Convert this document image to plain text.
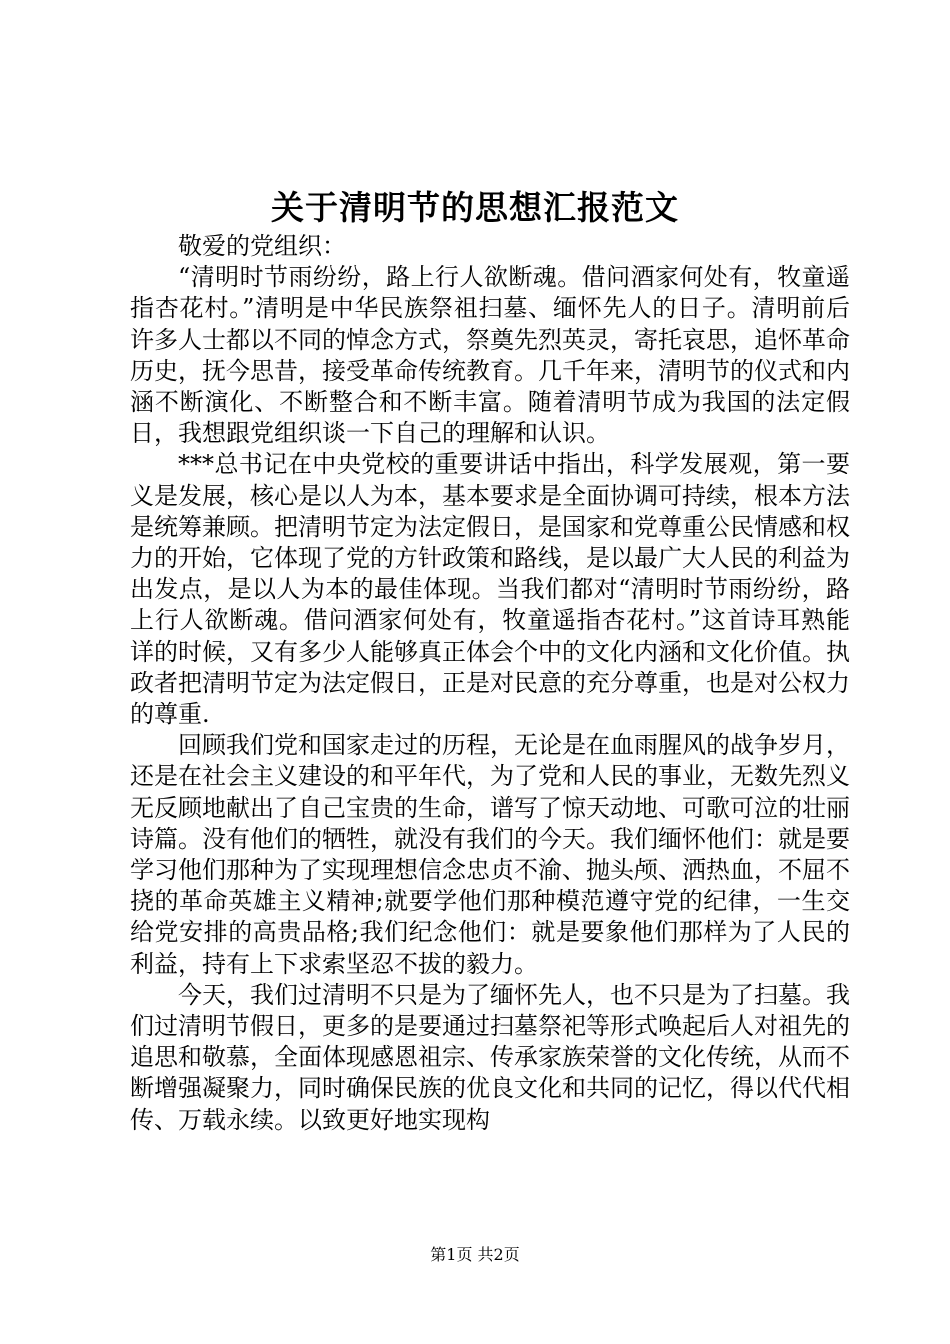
关于清明节的思想汇报范文

敬爱的党组织：

“清明时节雨纷纷，路上行人欲断魂。借问酒家何处有，牧童遥指杏花村。”清明是中华民族祭祖扫墓、缅怀先人的日子。清明前后许多人士都以不同的悼念方式，祭奠先烈英灵，寄托哀思，追怀革命历史，抚今思昔，接受革命传统教育。几千年来，清明节的仪式和内涵不断演化、不断整合和不断丰富。随着清明节成为我国的法定假日，我想跟党组织谈一下自己的理解和认识。

***总书记在中央党校的重要讲话中指出，科学发展观，第一要义是发展，核心是以人为本，基本要求是全面协调可持续，根本方法是统筹兼顾。把清明节定为法定假日，是国家和党尊重公民情感和权力的开始，它体现了党的方针政策和路线，是以最广大人民的利益为出发点，是以人为本的最佳体现。当我们都对“清明时节雨纷纷，路上行人欲断魂。借问酒家何处有，牧童遥指杏花村。”这首诗耳熟能详的时候，又有多少人能够真正体会个中的文化内涵和文化价值。执政者把清明节定为法定假日，正是对民意的充分尊重，也是对公权力的尊重.

回顾我们党和国家走过的历程，无论是在血雨腥风的战争岁月，还是在社会主义建设的和平年代，为了党和人民的事业，无数先烈义无反顾地献出了自己宝贵的生命，谱写了惊天动地、可歌可泣的壮丽诗篇。没有他们的牺牲，就没有我们的今天。我们缅怀他们：就是要学习他们那种为了实现理想信念忠贞不渝、抛头颅、洒热血，不屈不挠的革命英雄主义精神;就要学他们那种模范遵守党的纪律，一生交给党安排的高贵品格;我们纪念他们：就是要象他们那样为了人民的利益，持有上下求索坚忍不拔的毅力。

今天，我们过清明不只是为了缅怀先人，也不只是为了扫墓。我们过清明节假日，更多的是要通过扫墓祭祀等形式唤起后人对祖先的追思和敬慕，全面体现感恩祖宗、传承家族荣誉的文化传统，从而不断增强凝聚力，同时确保民族的优良文化和共同的记忆，得以代代相传、万载永续。以致更好地实现构

第1页 共2页
